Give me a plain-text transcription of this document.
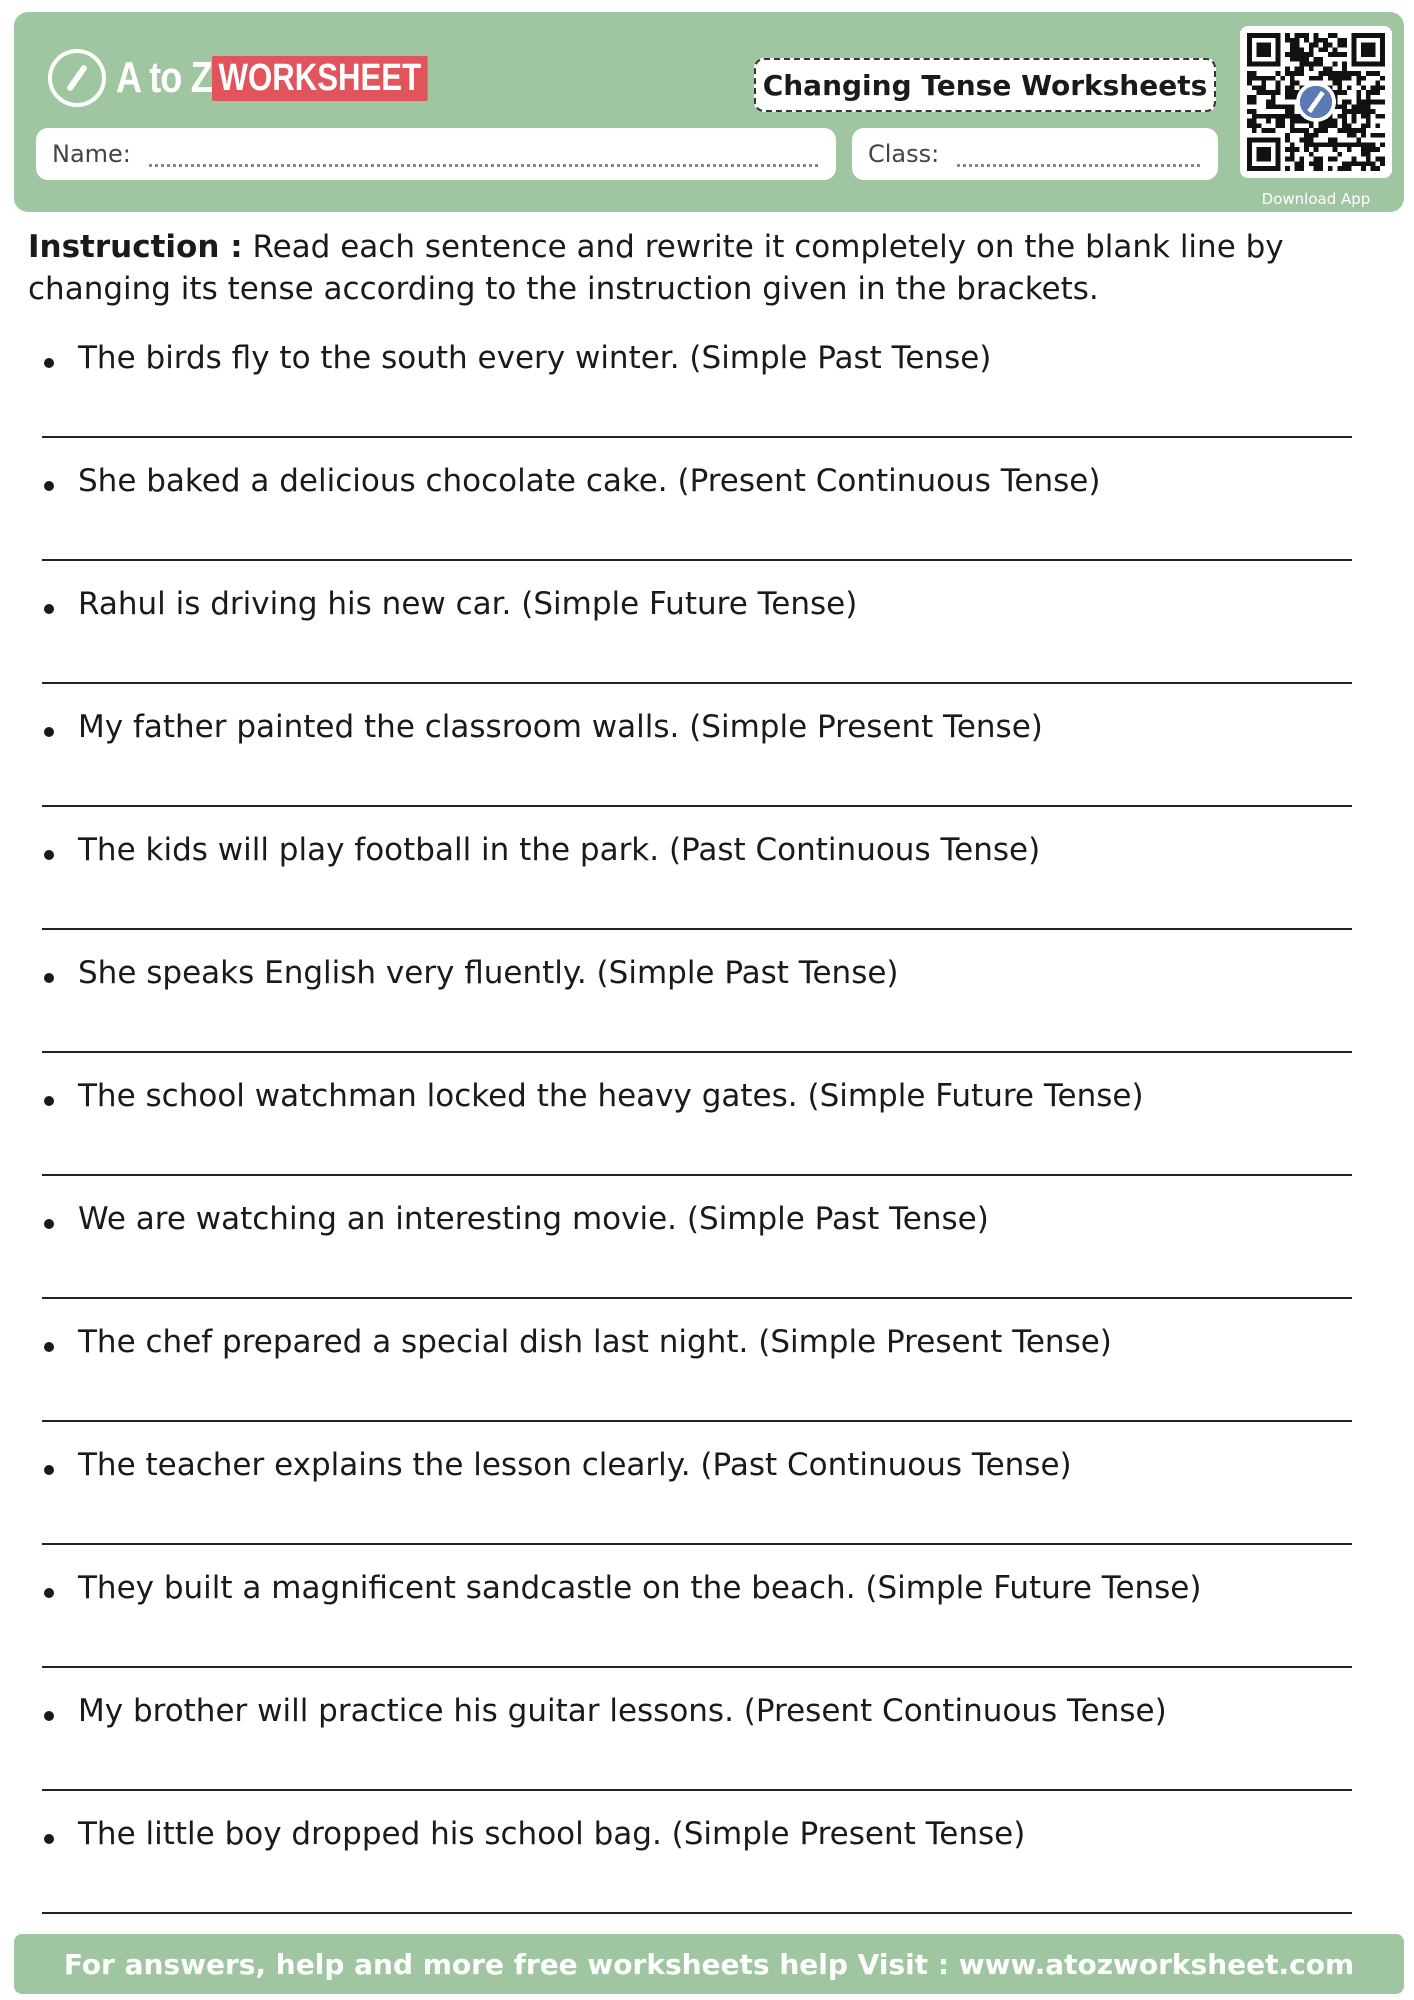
A to Z WORKSHEET	Changing Tense Worksheets
Name:	Class:
Download App
Instruction : Read each sentence and rewrite it completely on the blank line by changing its tense according to the instruction given in the brackets.
The birds fly to the south every winter. (Simple Past Tense)
She baked a delicious chocolate cake. (Present Continuous Tense)
Rahul is driving his new car. (Simple Future Tense)
My father painted the classroom walls. (Simple Present Tense)
The kids will play football in the park. (Past Continuous Tense)
She speaks English very fluently. (Simple Past Tense)
The school watchman locked the heavy gates. (Simple Future Tense)
We are watching an interesting movie. (Simple Past Tense)
The chef prepared a special dish last night. (Simple Present Tense)
The teacher explains the lesson clearly. (Past Continuous Tense)
They built a magnificent sandcastle on the beach. (Simple Future Tense)
My brother will practice his guitar lessons. (Present Continuous Tense)
The little boy dropped his school bag. (Simple Present Tense)
For answers, help and more free worksheets help Visit : www.atozworksheet.com
